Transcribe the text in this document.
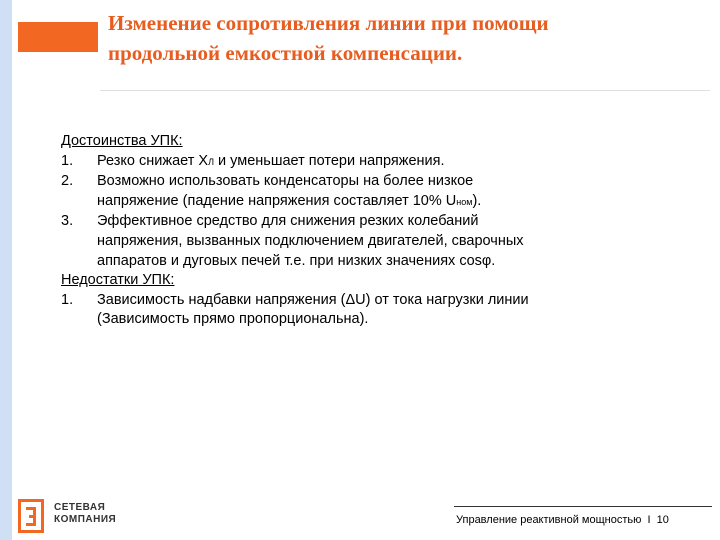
Изменение сопротивления линии при помощи
продольной емкостной компенсации.
Достоинства УПК:
1.	Резко снижает XЛ и уменьшает потери напряжения.
2.	Возможно использовать конденсаторы на более низкое
напряжение (падение напряжения составляет 10% Uном).
3.	Эффективное средство для снижения резких колебаний
напряжения, вызванных подключением двигателей, сварочных
аппаратов и дуговых печей т.е. при низких значениях cosφ.
Недостатки УПК:
1.	Зависимость надбавки напряжения (ΔU) от тока нагрузки линии
(Зависимость прямо пропорциональна).
СЕТЕВАЯ
КОМПАНИЯ	Управление реактивной мощностью I 10
